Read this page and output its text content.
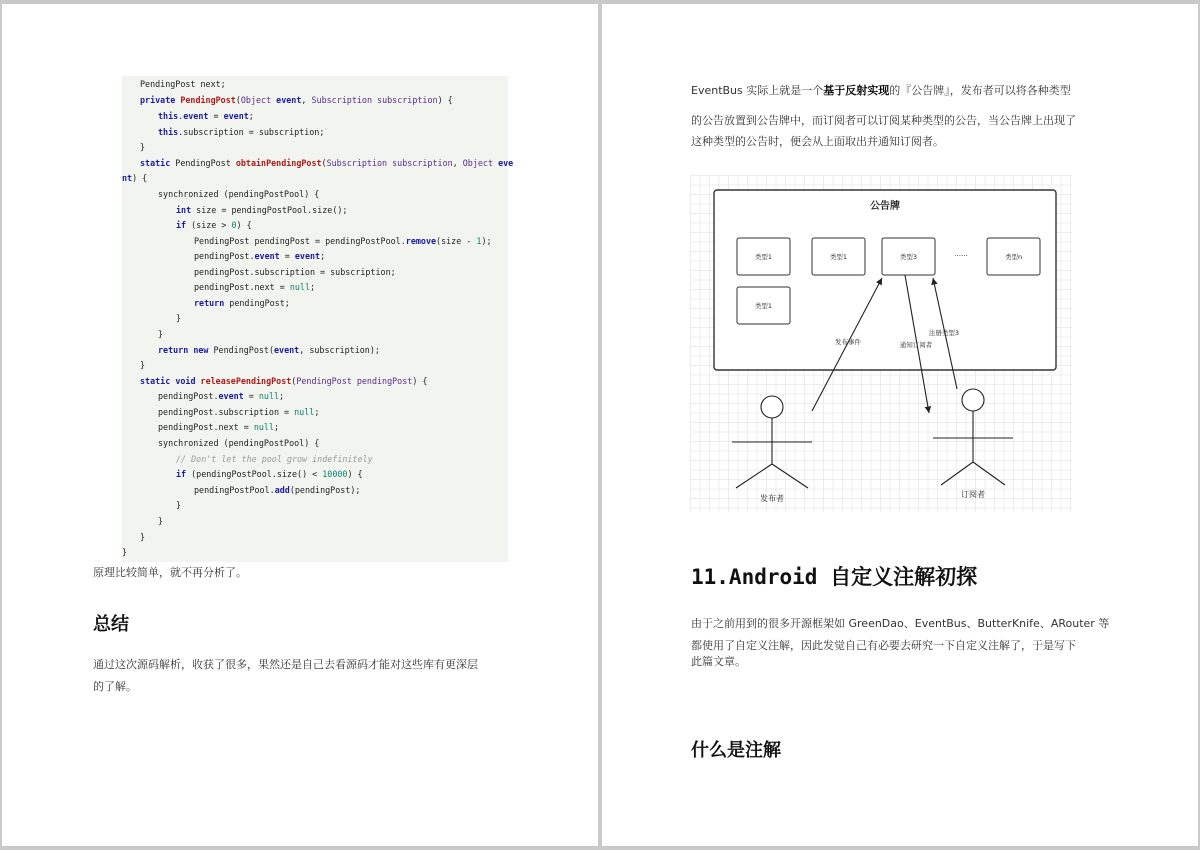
PendingPost next;
private PendingPost(Object event, Subscription subscription) {
this.event = event;
this.subscription = subscription;
}
static PendingPost obtainPendingPost(Subscription subscription, Object eve
nt) {
synchronized (pendingPostPool) {
int size = pendingPostPool.size();
if (size > 0) {
PendingPost pendingPost = pendingPostPool.remove(size - 1);
pendingPost.event = event;
pendingPost.subscription = subscription;
pendingPost.next = null;
return pendingPost;
}
}
return new PendingPost(event, subscription);
}
static void releasePendingPost(PendingPost pendingPost) {
pendingPost.event = null;
pendingPost.subscription = null;
pendingPost.next = null;
synchronized (pendingPostPool) {
// Don't let the pool grow indefinitely
if (pendingPostPool.size() < 10000) {
pendingPostPool.add(pendingPost);
}
}
}
}
原理比较简单，就不再分析了。
总结
通过这次源码解析，收获了很多，果然还是自己去看源码才能对这些库有更深层
的了解。
EventBus 实际上就是一个基于反射实现的『公告牌』，发布者可以将各种类型
的公告放置到公告牌中，而订阅者可以订阅某种类型的公告，当公告牌上出现了
这种类型的公告时，便会从上面取出并通知订阅者。
公告牌
类型1	类型1	类型3	······	类型n
类型1
发布事件	通知订阅者
注册类型3
发布者	订阅者
11.Android 自定义注解初探
由于之前用到的很多开源框架如 GreenDao、EventBus、ButterKnife、ARouter 等
都使用了自定义注解，因此发觉自己有必要去研究一下自定义注解了，于是写下
此篇文章。
什么是注解
